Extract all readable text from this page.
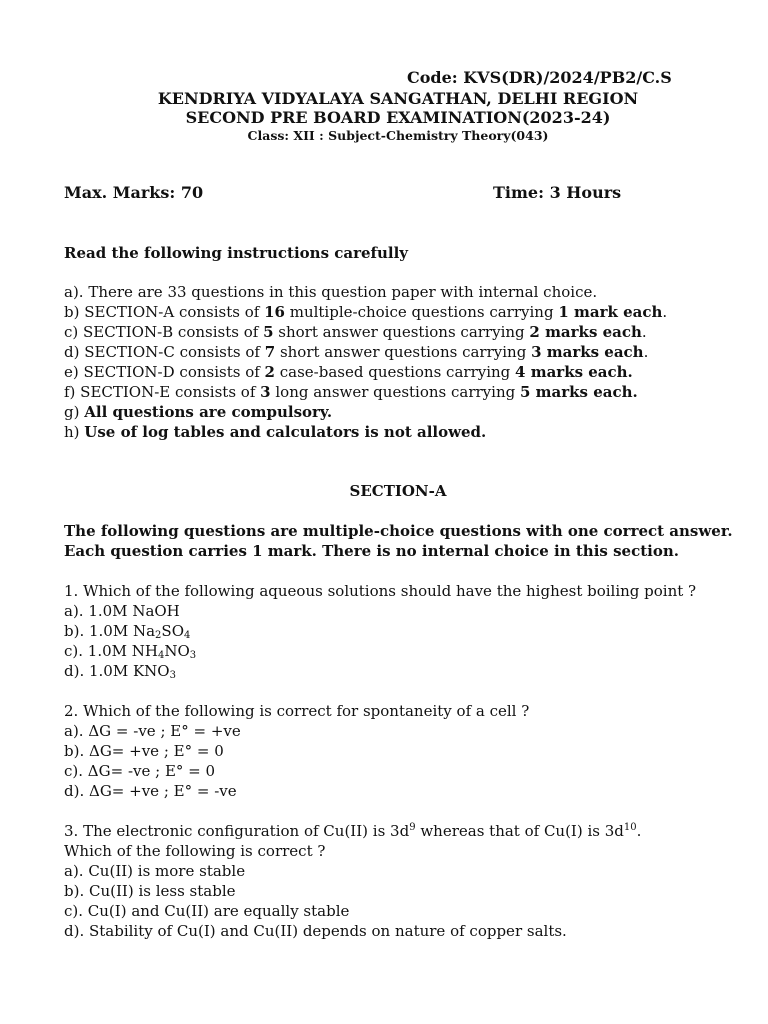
Code: KVS(DR)/2024/PB2/C.S
KENDRIYA VIDYALAYA SANGATHAN, DELHI REGION
SECOND PRE BOARD EXAMINATION(2023-24)
Class: XII : Subject-Chemistry Theory(043)
Max. Marks: 70	Time: 3 Hours
Read the following instructions carefully
a). There are 33 questions in this question paper with internal choice.
b) SECTION-A consists of 16 multiple-choice questions carrying 1 mark each.
c) SECTION-B consists of 5 short answer questions carrying 2 marks each.
d) SECTION-C consists of 7 short answer questions carrying 3 marks each.
e) SECTION-D consists of 2 case-based questions carrying 4 marks each.
f) SECTION-E consists of 3 long answer questions carrying 5 marks each.
g) All questions are compulsory.
h) Use of log tables and calculators is not allowed.
SECTION-A
The following questions are multiple-choice questions with one correct answer.
Each question carries 1 mark. There is no internal choice in this section.
1. Which of the following aqueous solutions should have the highest boiling point ?
a). 1.0M NaOH
b). 1.0M $Na_2SO_4$
c). 1.0M $NH_4NO_3$
d). 1.0M $KNO_3$
2. Which of the following is correct for spontaneity of a cell ?
a). ΔG = -ve ; E° = +ve
b). ΔG= +ve ; E° = 0
c). ΔG= -ve ; E° = 0
d). ΔG= +ve ; E° = -ve
3. The electronic configuration of Cu(II) is $3d^9$ whereas that of Cu(I) is $3d^{10}$.
Which of the following is correct ?
a). Cu(II) is more stable
b). Cu(II) is less stable
c). Cu(I) and Cu(II) are equally stable
d). Stability of Cu(I) and Cu(II) depends on nature of copper salts.
